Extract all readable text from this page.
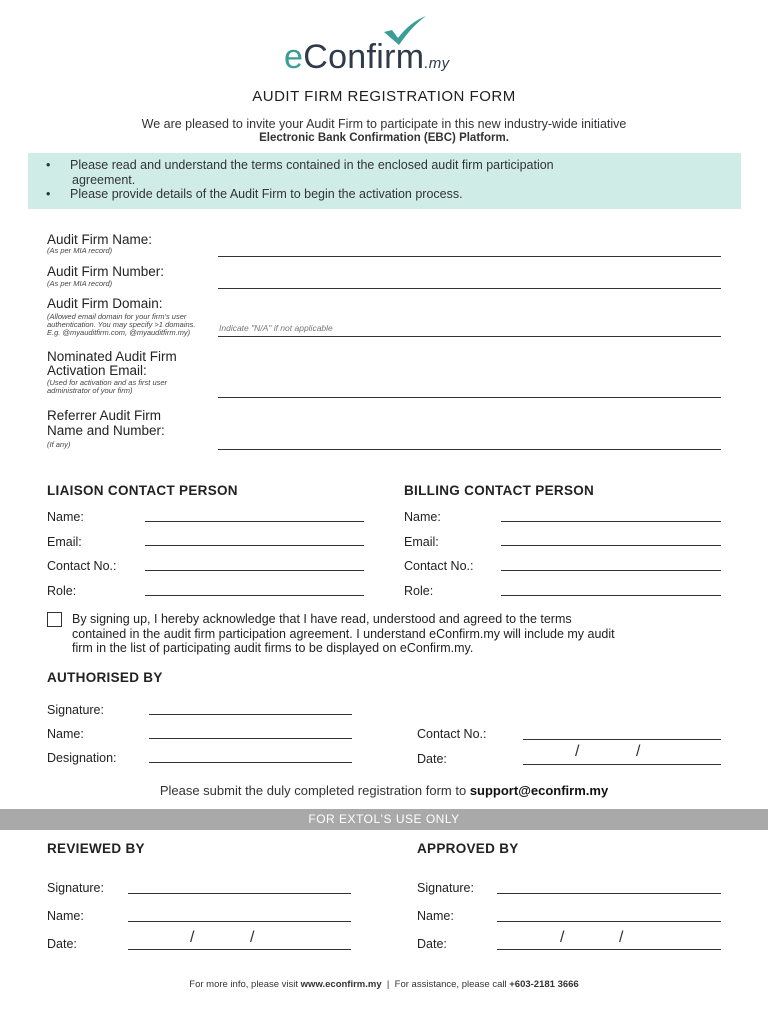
eConfirm.my
AUDIT FIRM REGISTRATION FORM
We are pleased to invite your Audit Firm to participate in this new industry-wide initiative
Electronic Bank Confirmation (EBC) Platform.
• Please read and understand the terms contained in the enclosed audit firm participation
agreement.
• Please provide details of the Audit Firm to begin the activation process.
Audit Firm Name:
(As per MIA record)
Audit Firm Number:
(As per MIA record)
Audit Firm Domain:
(Allowed email domain for your firm's user
authentication. You may specify >1 domains.
E.g. @myauditfirm.com, @myauditfirm.my)	Indicate "N/A" if not applicable
Nominated Audit Firm
Activation Email:
(Used for activation and as first user
administrator of your firm)
Referrer Audit Firm
Name and Number:
(If any)
LIAISON CONTACT PERSON
Name:
Email:
Contact No.:
Role:
BILLING CONTACT PERSON
Name:
Email:
Contact No.:
Role:
By signing up, I hereby acknowledge that I have read, understood and agreed to the terms
contained in the audit firm participation agreement. I understand eConfirm.my will include my audit
firm in the list of participating audit firms to be displayed on eConfirm.my.
AUTHORISED BY
Signature:
Name:
Designation:
Contact No.:
Date:	/	/
Please submit the duly completed registration form to support@econfirm.my
FOR EXTOL'S USE ONLY
REVIEWED BY
Signature:
Name:
Date:	/	/
APPROVED BY
Signature:
Name:
Date:	/	/
For more info, please visit www.econfirm.my | For assistance, please call +603-2181 3666
